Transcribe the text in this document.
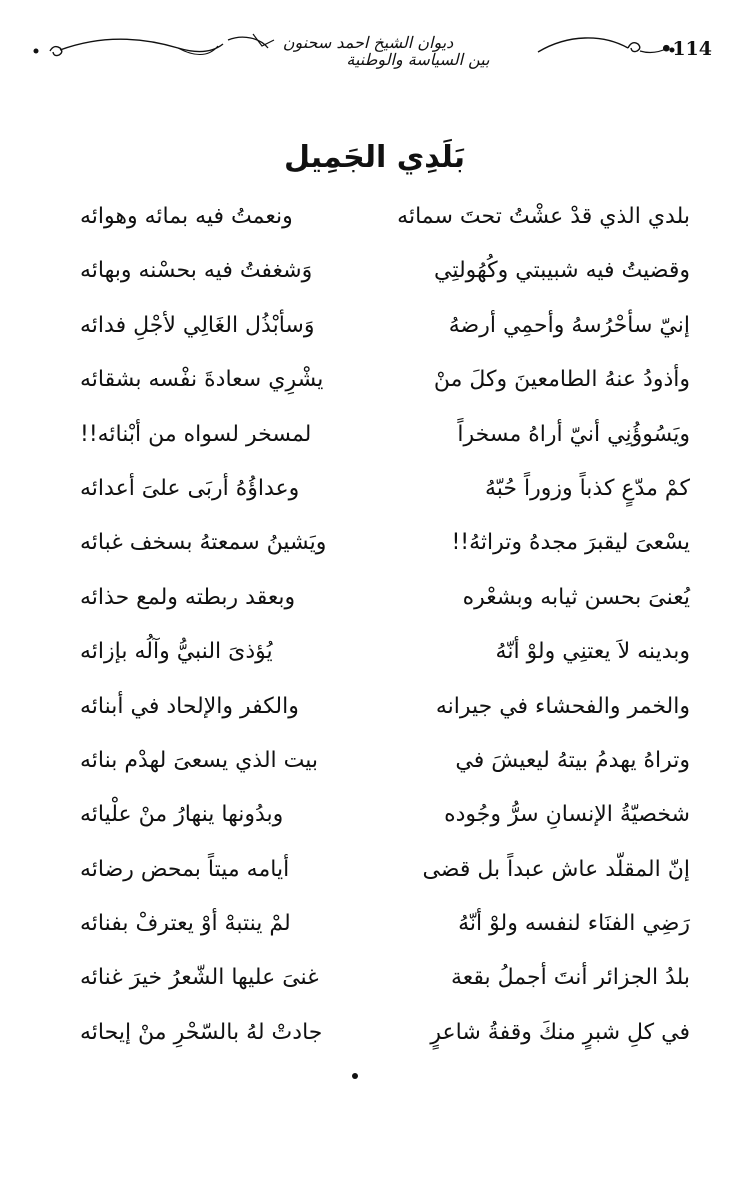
•114
ديوان الشيخ احمد سحنون
بين السياسة والوطنية
بَلَدِي الجَمِيل
بلدي الذي قدْ عشْتُ تحتَ سمائه
ونعمتُ فيه بمائه وهوائه
وقضيتُ فيه شبيبتي وكُهُولتِي
وَشغفتُ فيه بحسْنه وبهائه
إنيّ سأحْرُسهُ وأحمِي أرضهُ
وَسأبْذُل الغَالِي لأجْلِ فدائه
وأذودُ عنهُ الطامعينَ وكلَ منْ
يشْرِي سعادةَ نفْسه بشقائه
ويَسُوؤُنِي أنيّ أراهُ مسخراً
لمسخر لسواه من أبْنائه!!
كمْ مدّعٍ كذباً وزوراً حُبّهُ
وعداؤُهُ أربَى علىَ أعدائه
يسْعىَ ليقبرَ مجدهُ وتراثهُ!!
ويَشينُ سمعتهُ بسخف غبائه
يُعنىَ بحسن ثيابه وبشعْره
وبعقد ربطته ولمع حذائه
وبدينه لاَ يعتنِي ولوْ أنّهُ
يُؤذىَ النبيُّ وآلُه بإزائه
والخمر والفحشاء في جيرانه
والكفر والإلحاد في أبنائه
وتراهُ يهدمُ بيتهُ ليعيشَ في
بيت الذي يسعىَ لهدْم بنائه
شخصيّةُ الإنسانِ سرُّ وجُوده
وبدُونها ينهارُ منْ علْيائه
إنّ المقلّد عاش عبداً بل قضى
أيامه ميتاً بمحض رضائه
رَضِي الفنَاء لنفسه ولوْ أنّهُ
لمْ ينتبهْ أوْ يعترفْ بفنائه
بلدُ الجزائر أنتَ أجملُ بقعة
غنىَ عليها الشّعرُ خيرَ غنائه
في كلِ شبرٍ منكَ وقفةُ شاعرٍ
جادتْ لهُ بالسّحْرِ منْ إيحائه
